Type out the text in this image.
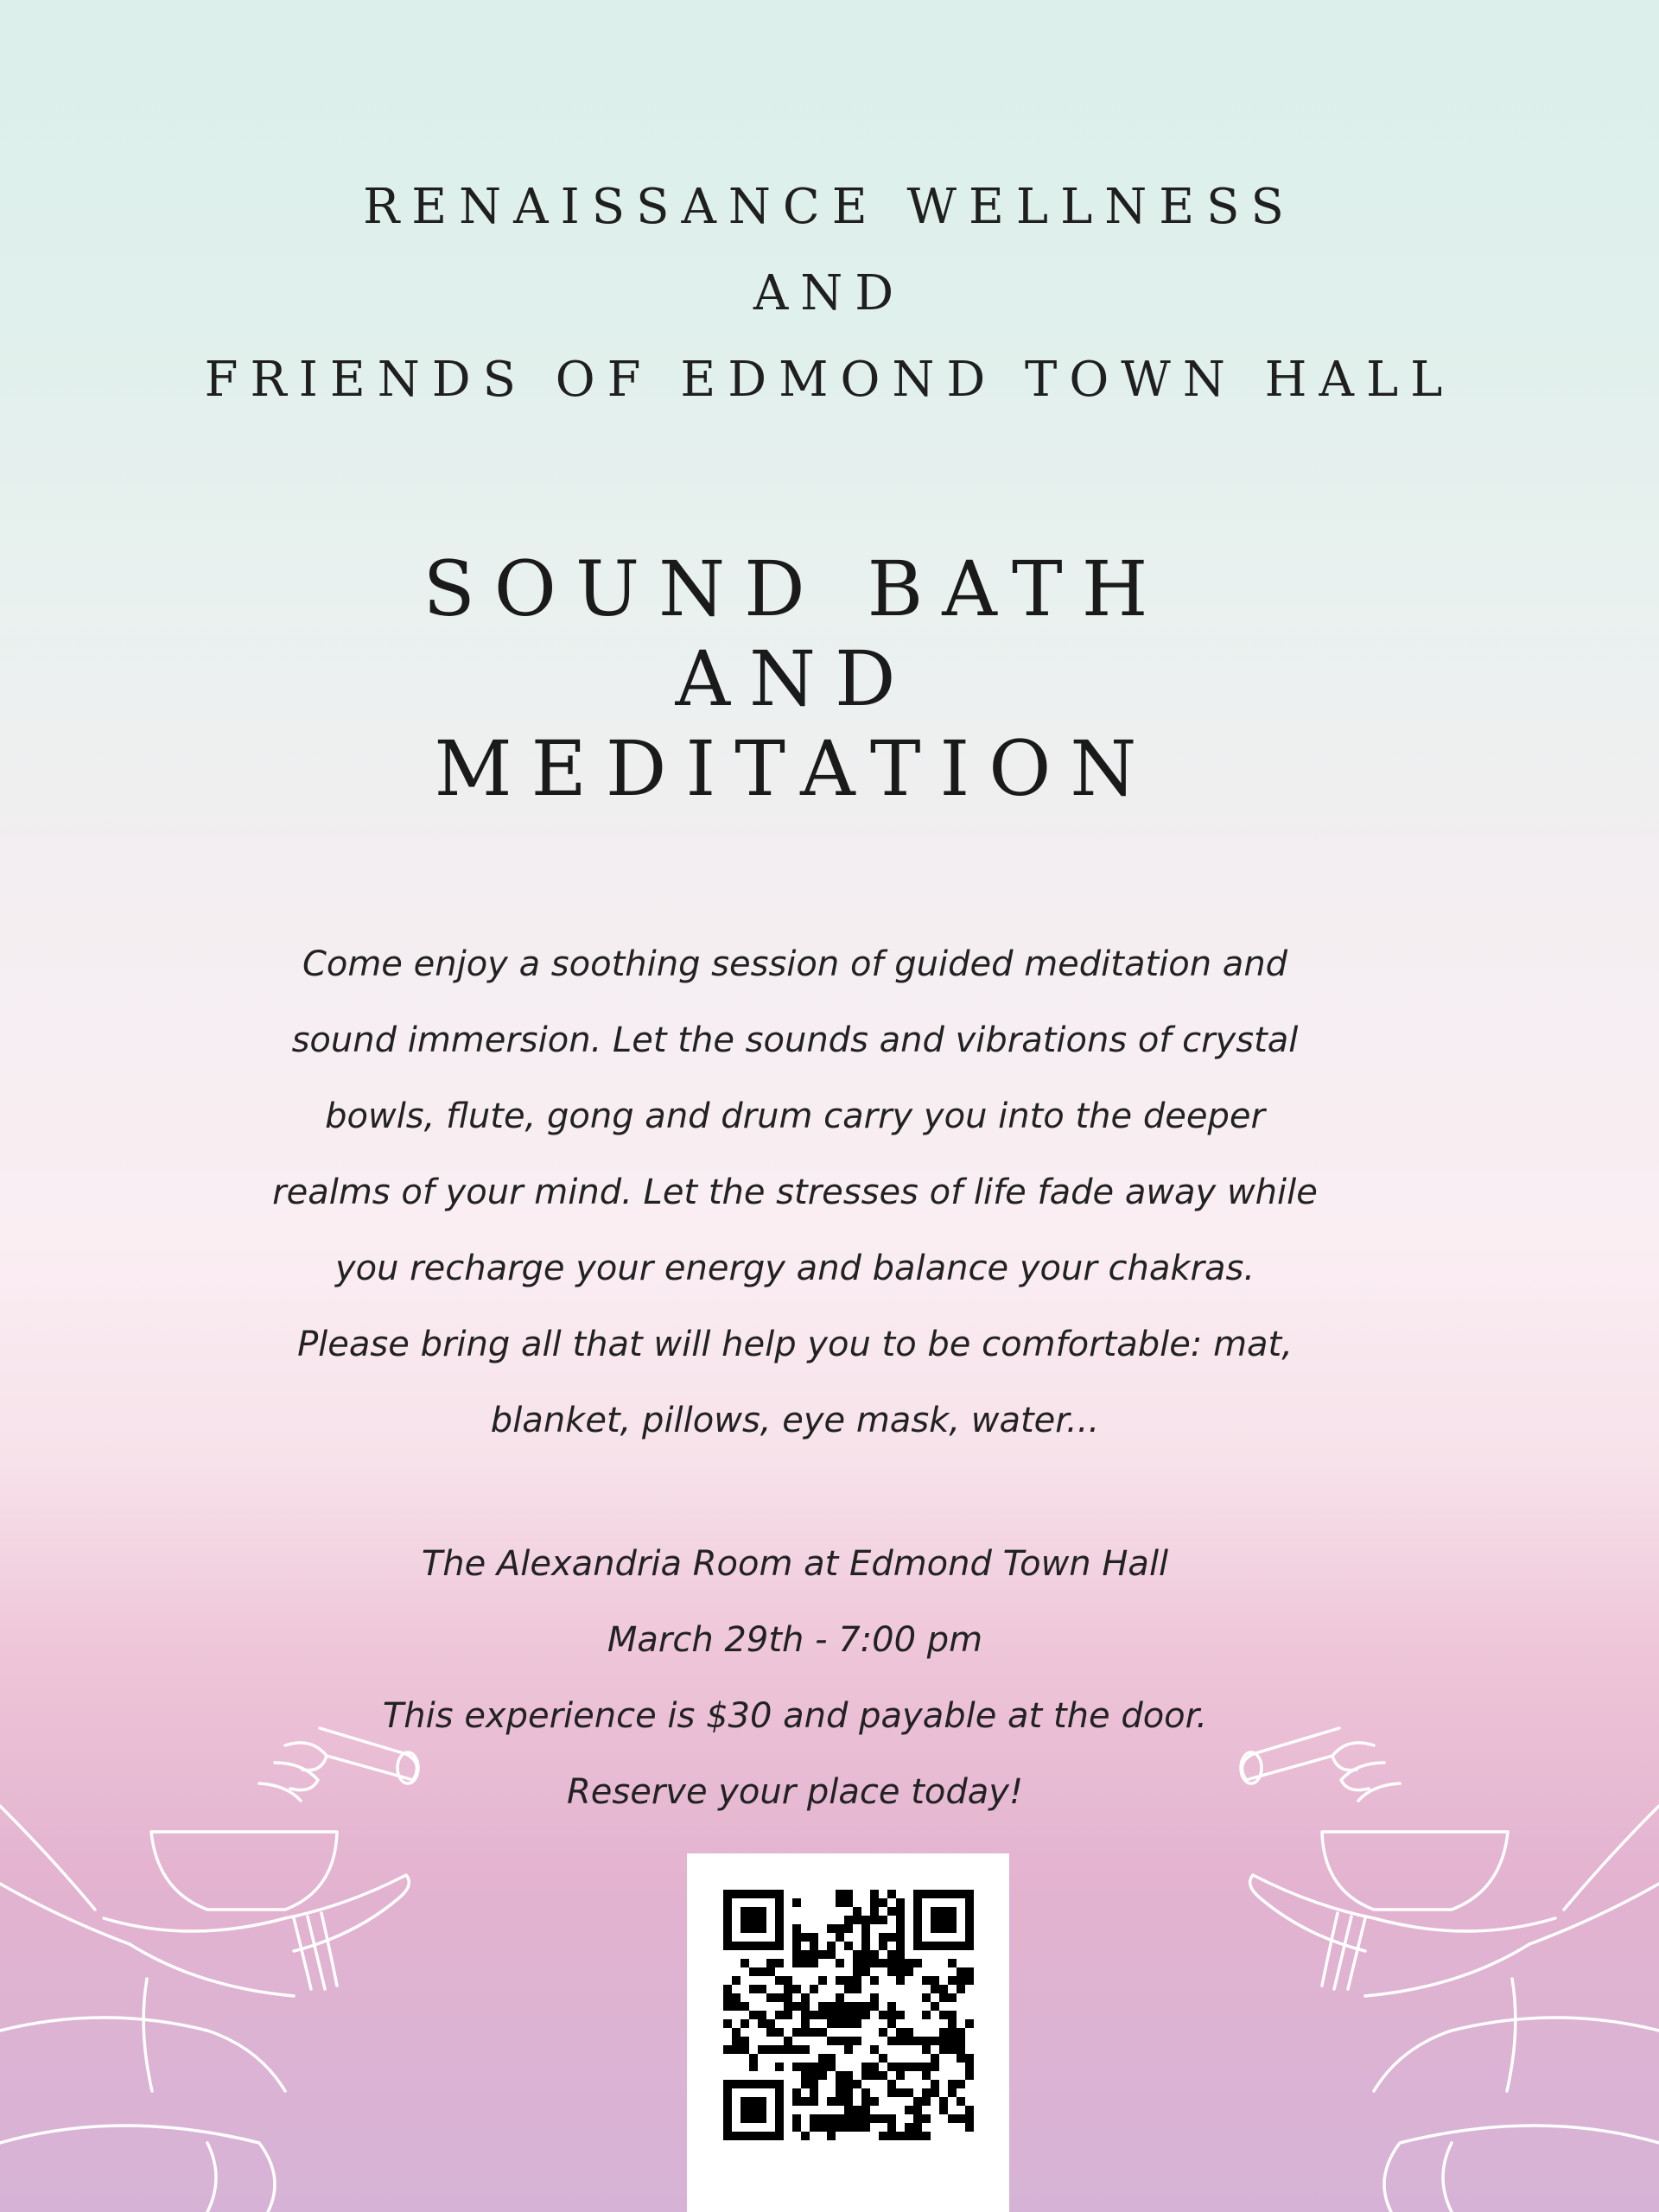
RENAISSANCE WELLNESS
AND
FRIENDS OF EDMOND TOWN HALL
SOUND BATH
AND
MEDITATION
Come enjoy a soothing session of guided meditation and
sound immersion. Let the sounds and vibrations of crystal
bowls, flute, gong and drum carry you into the deeper
realms of your mind. Let the stresses of life fade away while
you recharge your energy and balance your chakras.
Please bring all that will help you to be comfortable: mat,
blanket, pillows, eye mask, water...
The Alexandria Room at Edmond Town Hall
March 29th - 7:00 pm
This experience is $30 and payable at the door.
Reserve your place today!
